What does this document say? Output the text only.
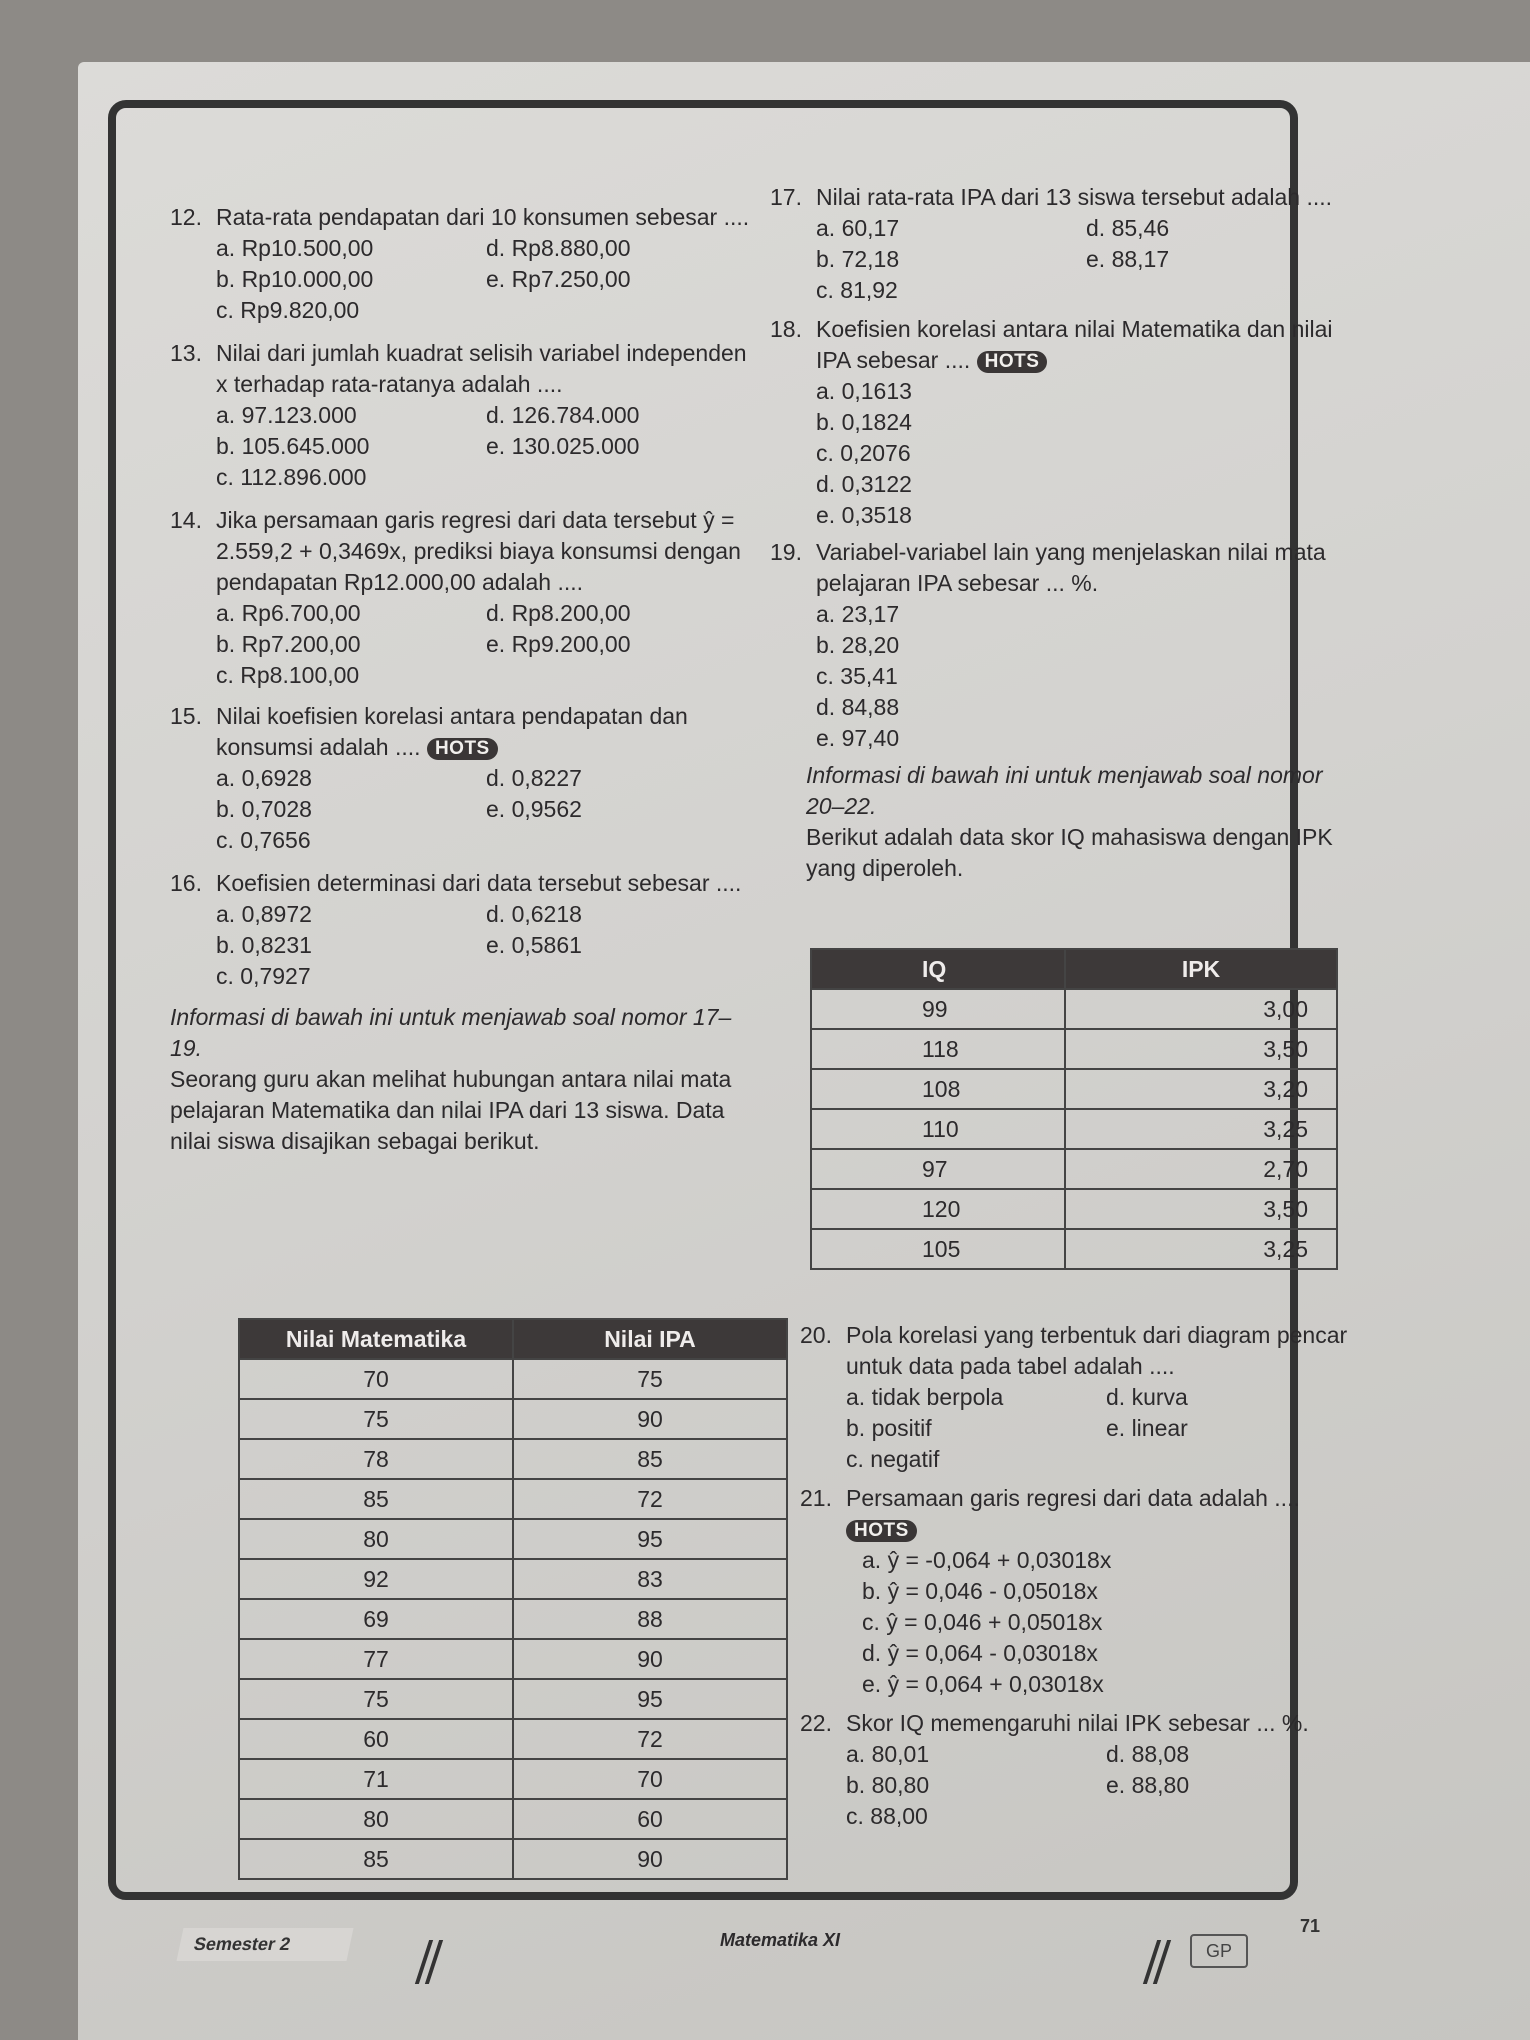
12. Rata-rata pendapatan dari 10 konsumen sebesar ....
a. Rp10.500,00	d. Rp8.880,00
b. Rp10.000,00	e. Rp7.250,00
c. Rp9.820,00
13. Nilai dari jumlah kuadrat selisih variabel independen x terhadap rata-ratanya adalah ....
a. 97.123.000	d. 126.784.000
b. 105.645.000	e. 130.025.000
c. 112.896.000
14. Jika persamaan garis regresi dari data tersebut ŷ = 2.559,2 + 0,3469x, prediksi biaya konsumsi dengan pendapatan Rp12.000,00 adalah ....
a. Rp6.700,00	d. Rp8.200,00
b. Rp7.200,00	e. Rp9.200,00
c. Rp8.100,00
15. Nilai koefisien korelasi antara pendapatan dan konsumsi adalah .... HOTS
a. 0,6928	d. 0,8227
b. 0,7028	e. 0,9562
c. 0,7656
16. Koefisien determinasi dari data tersebut sebesar ....
a. 0,8972	d. 0,6218
b. 0,8231	e. 0,5861
c. 0,7927
Informasi di bawah ini untuk menjawab soal nomor 17–19.
Seorang guru akan melihat hubungan antara nilai mata pelajaran Matematika dan nilai IPA dari 13 siswa. Data nilai siswa disajikan sebagai berikut.
Nilai Matematika	Nilai IPA
70	75
75	90
78	85
85	72
80	95
92	83
69	88
77	90
75	95
60	72
71	70
80	60
85	90
17. Nilai rata-rata IPA dari 13 siswa tersebut adalah ....
a. 60,17	d. 85,46
b. 72,18	e. 88,17
c. 81,92
18. Koefisien korelasi antara nilai Matematika dan nilai IPA sebesar .... HOTS
a. 0,1613
b. 0,1824
c. 0,2076
d. 0,3122
e. 0,3518
19. Variabel-variabel lain yang menjelaskan nilai mata pelajaran IPA sebesar ... %.
a. 23,17
b. 28,20
c. 35,41
d. 84,88
e. 97,40
Informasi di bawah ini untuk menjawab soal nomor 20–22.
Berikut adalah data skor IQ mahasiswa dengan IPK yang diperoleh.
IQ	IPK
99	3,00
118	3,50
108	3,20
110	3,25
97	2,70
120	3,50
105	3,25
20. Pola korelasi yang terbentuk dari diagram pencar untuk data pada tabel adalah ....
a. tidak berpola	d. kurva
b. positif	e. linear
c. negatif
21. Persamaan garis regresi dari data adalah .... HOTS
a. ŷ = -0,064 + 0,03018x
b. ŷ = 0,046 - 0,05018x
c. ŷ = 0,046 + 0,05018x
d. ŷ = 0,064 - 0,03018x
e. ŷ = 0,064 + 0,03018x
22. Skor IQ memengaruhi nilai IPK sebesar ... %.
a. 80,01	d. 88,08
b. 80,80	e. 88,80
c. 88,00
Semester 2	Matematika XI
GP
71
